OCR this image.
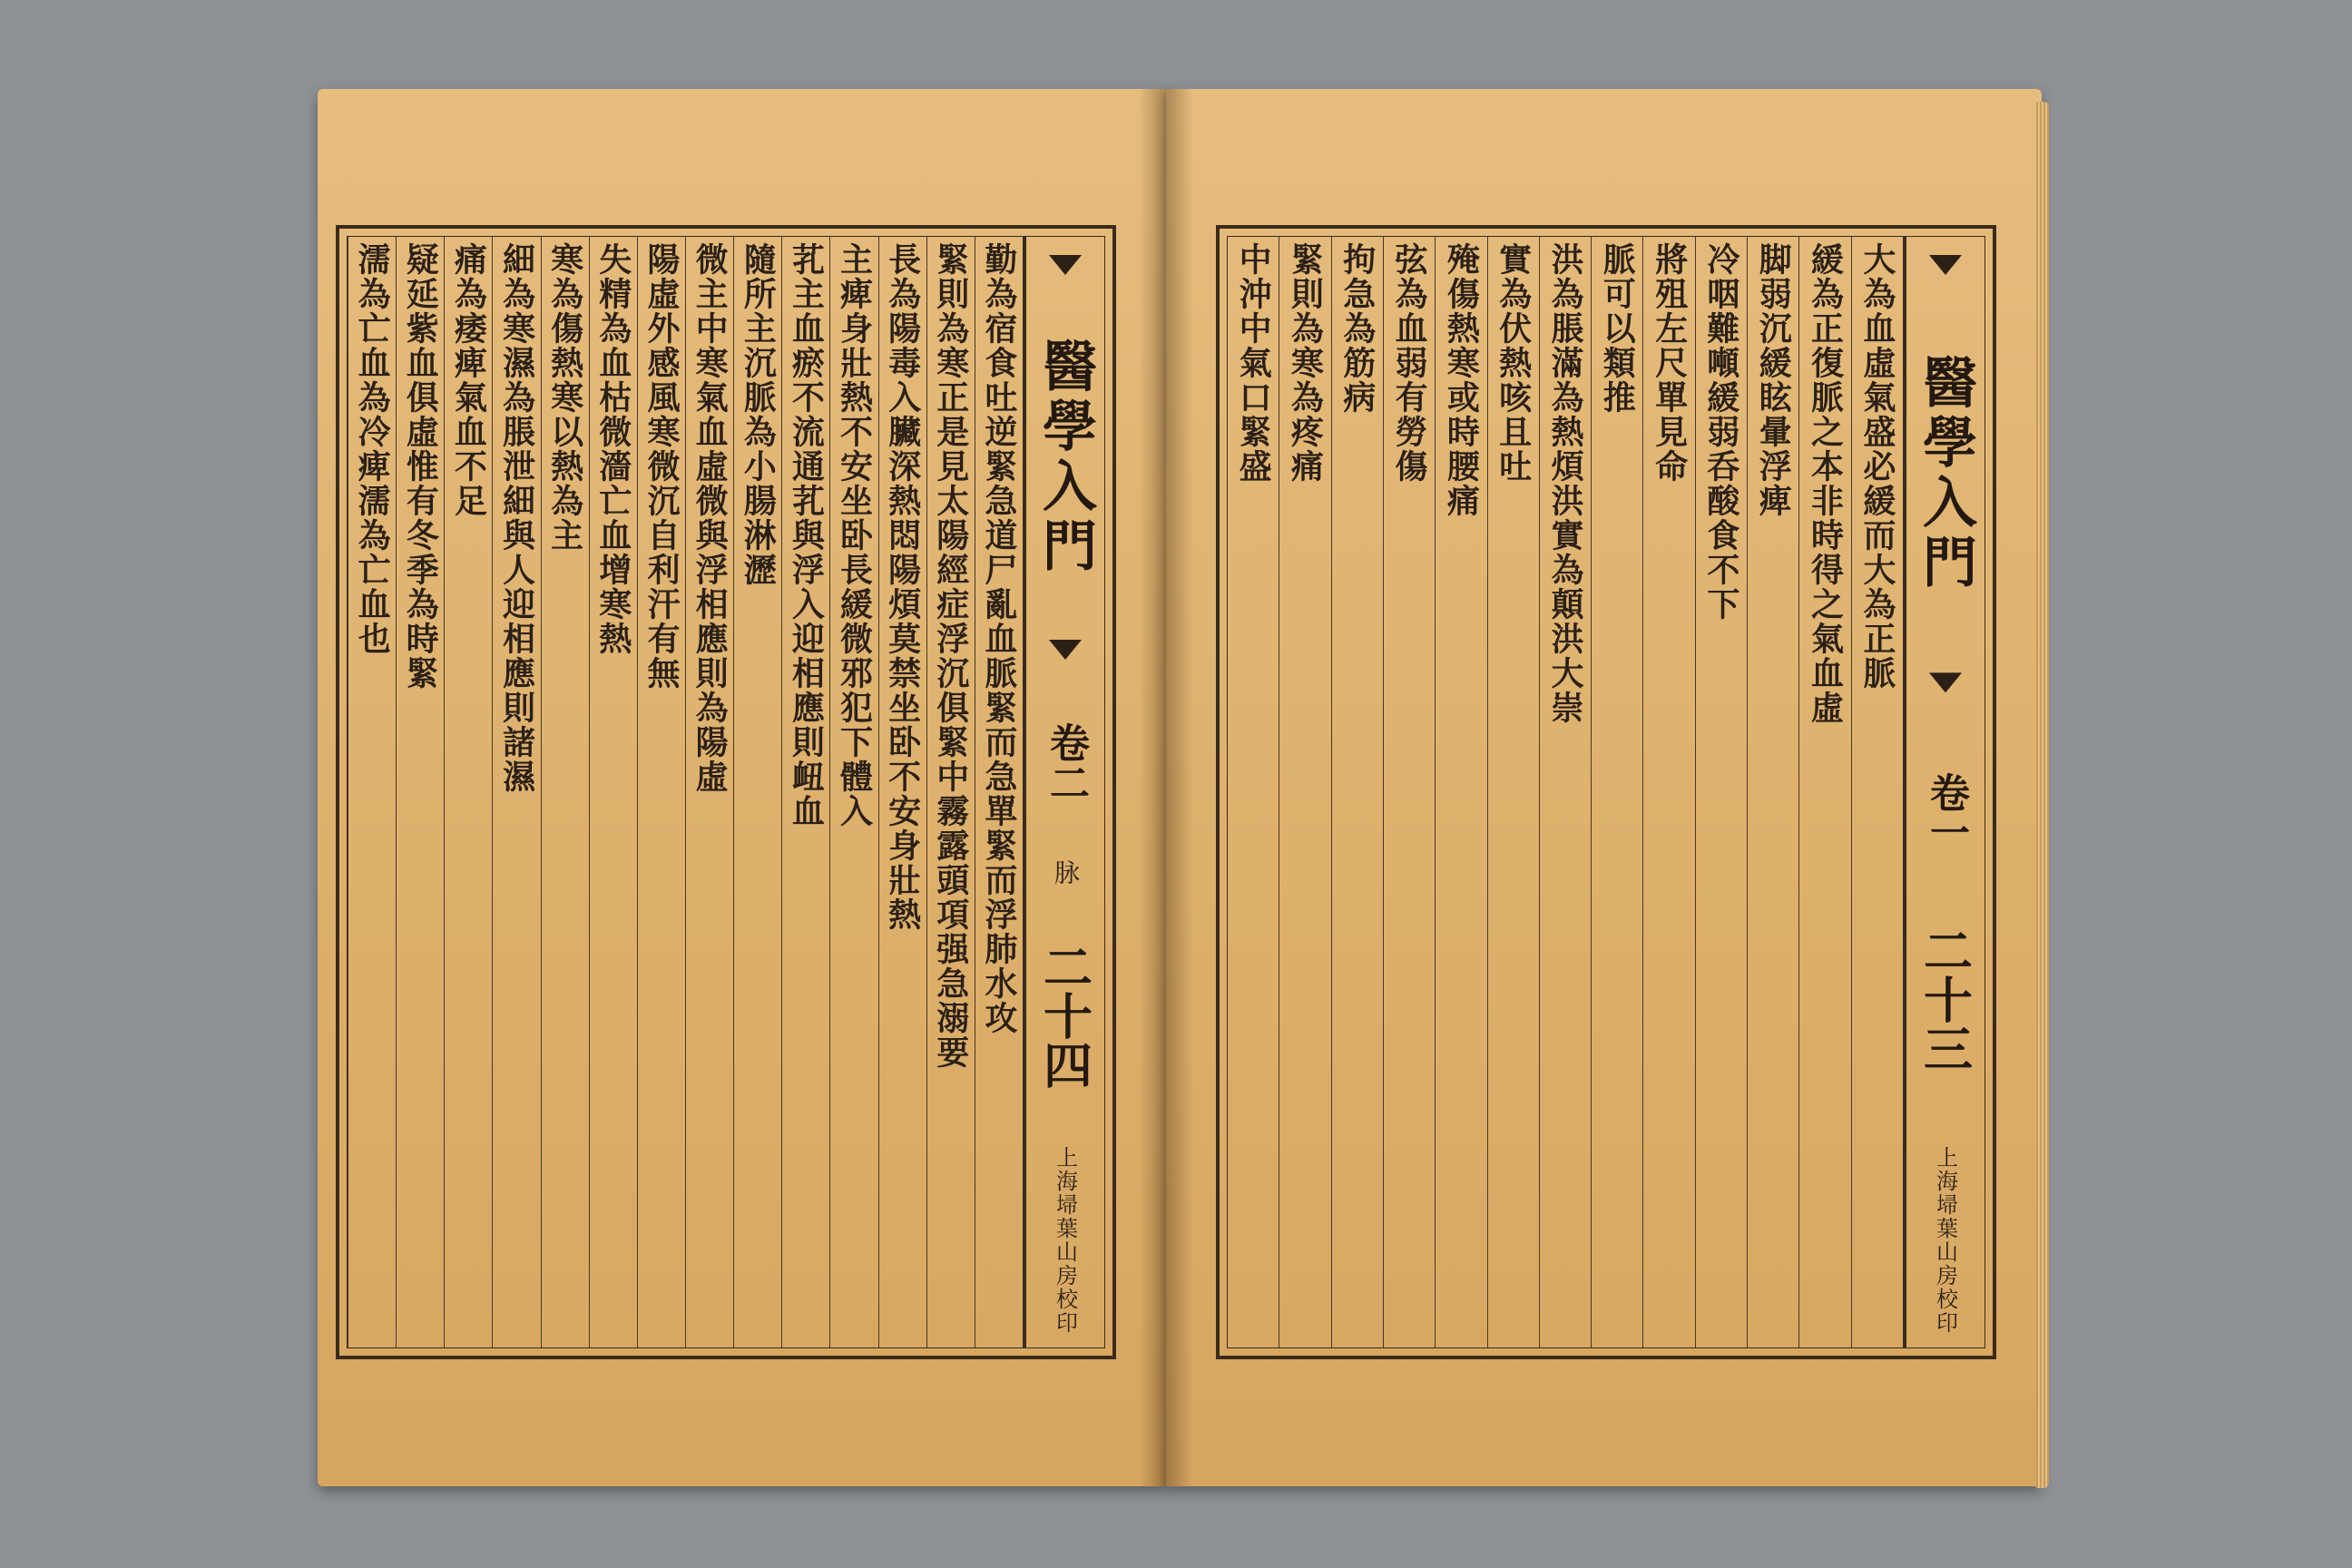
勤為宿食吐逆緊急道尸亂血脈緊而急單緊而浮肺水攻
緊則為寒正是見太陽經症浮沉俱緊中霧露頭項强急溺要
長為陽毒入臟深熱悶陽煩莫禁坐卧不安身壯熱
主痺身壯熱不安坐卧長緩微邪犯下體入
芤主血瘀不流通芤與浮入迎相應則衄血
隨所主沉脈為小腸淋瀝
微主中寒氣血虛微與浮相應則為陽虛
陽虛外感風寒微沉自利汗有無
失精為血枯微濇亡血增寒熱
寒為傷熱寒以熱為主
細為寒濕為脹泄細與人迎相應則諸濕
痛為痿痺氣血不足
疑延紫血俱虛惟有冬季為時緊
濡為亡血為冷痺濡為亡血也	醫學入門
卷二
脉
二十四
上海埽葉山房校印
醫學入門
卷一
二十三
上海埽葉山房校印
大為血虛氣盛必緩而大為正脈
緩為正復脈之本非時得之氣血虛
脚弱沉緩眩暈浮痺
冷咽難噸緩弱呑酸食不下
將殂左尺單見命
脈可以類推
洪為脹滿為熱煩洪實為顛洪大崇
實為伏熱咳且吐
殗傷熱寒或時腰痛
弦為血弱有勞傷
拘急為筋病
緊則為寒為疼痛
中沖中氣口緊盛
